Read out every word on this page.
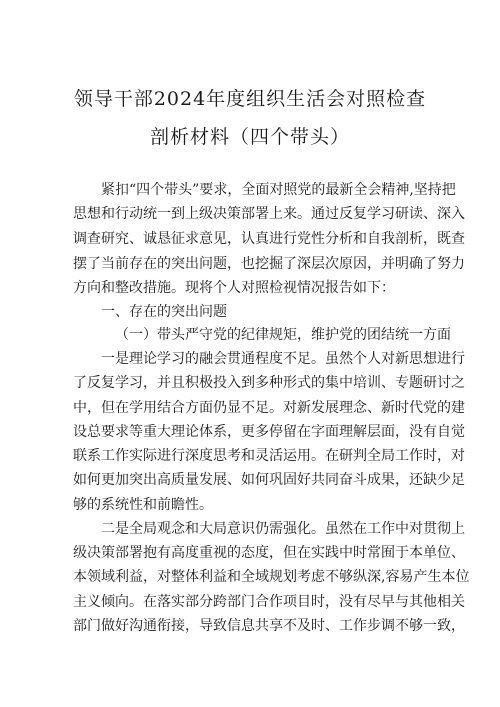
领导干部2024年度组织生活会对照检查
剖析材料（四个带头）
紧扣“四个带头”要求，全面对照党的最新全会精神,坚持把
思想和行动统一到上级决策部署上来。通过反复学习研读、深入
调查研究、诚恳征求意见，认真进行党性分析和自我剖析，既查
摆了当前存在的突出问题，也挖掘了深层次原因，并明确了努力
方向和整改措施。现将个人对照检视情况报告如下：
一、存在的突出问题
（一）带头严守党的纪律规矩，维护党的团结统一方面
一是理论学习的融会贯通程度不足。虽然个人对新思想进行
了反复学习，并且积极投入到多种形式的集中培训、专题研讨之
中，但在学用结合方面仍显不足。对新发展理念、新时代党的建
设总要求等重大理论体系，更多停留在字面理解层面，没有自觉
联系工作实际进行深度思考和灵活运用。在研判全局工作时，对
如何更加突出高质量发展、如何巩固好共同奋斗成果，还缺少足
够的系统性和前瞻性。
二是全局观念和大局意识仍需强化。虽然在工作中对贯彻上
级决策部署抱有高度重视的态度，但在实践中时常囿于本单位、
本领域利益，对整体利益和全域规划考虑不够纵深,容易产生本位
主义倾向。在落实部分跨部门合作项目时，没有尽早与其他相关
部门做好沟通衔接，导致信息共享不及时、工作步调不够一致，
